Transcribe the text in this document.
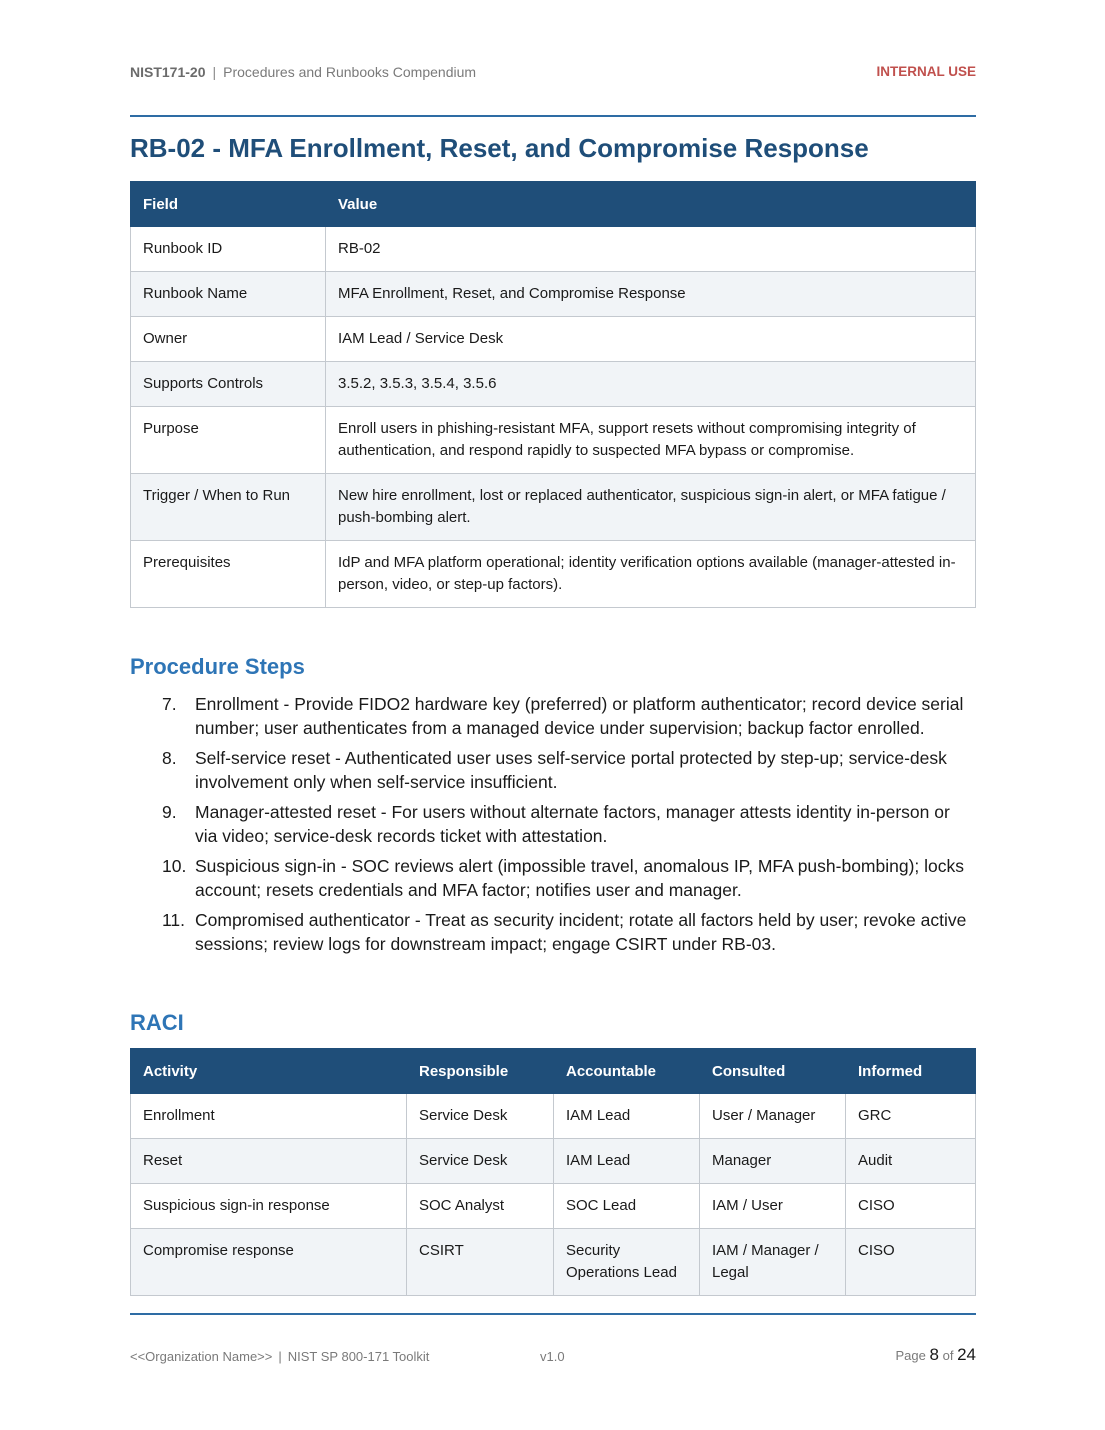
NIST171-20 | Procedures and Runbooks Compendium	INTERNAL USE
RB-02 - MFA Enrollment, Reset, and Compromise Response
Field	Value
Runbook ID	RB-02
Runbook Name	MFA Enrollment, Reset, and Compromise Response
Owner	IAM Lead / Service Desk
Supports Controls	3.5.2, 3.5.3, 3.5.4, 3.5.6
Purpose	Enroll users in phishing-resistant MFA, support resets without compromising integrity of authentication, and respond rapidly to suspected MFA bypass or compromise.
Trigger / When to Run	New hire enrollment, lost or replaced authenticator, suspicious sign-in alert, or MFA fatigue / push-bombing alert.
Prerequisites	IdP and MFA platform operational; identity verification options available (manager-attested in-person, video, or step-up factors).
Procedure Steps
7. Enrollment - Provide FIDO2 hardware key (preferred) or platform authenticator; record device serial number; user authenticates from a managed device under supervision; backup factor enrolled.
8. Self-service reset - Authenticated user uses self-service portal protected by step-up; service-desk involvement only when self-service insufficient.
9. Manager-attested reset - For users without alternate factors, manager attests identity in-person or via video; service-desk records ticket with attestation.
10. Suspicious sign-in - SOC reviews alert (impossible travel, anomalous IP, MFA push-bombing); locks account; resets credentials and MFA factor; notifies user and manager.
11. Compromised authenticator - Treat as security incident; rotate all factors held by user; revoke active sessions; review logs for downstream impact; engage CSIRT under RB-03.
RACI
Activity	Responsible	Accountable	Consulted	Informed
Enrollment	Service Desk	IAM Lead	User / Manager	GRC
Reset	Service Desk	IAM Lead	Manager	Audit
Suspicious sign-in response	SOC Analyst	SOC Lead	IAM / User	CISO
Compromise response	CSIRT	Security Operations Lead	IAM / Manager / Legal	CISO
<<Organization Name>> | NIST SP 800-171 Toolkit	v1.0	Page 8 of 24
